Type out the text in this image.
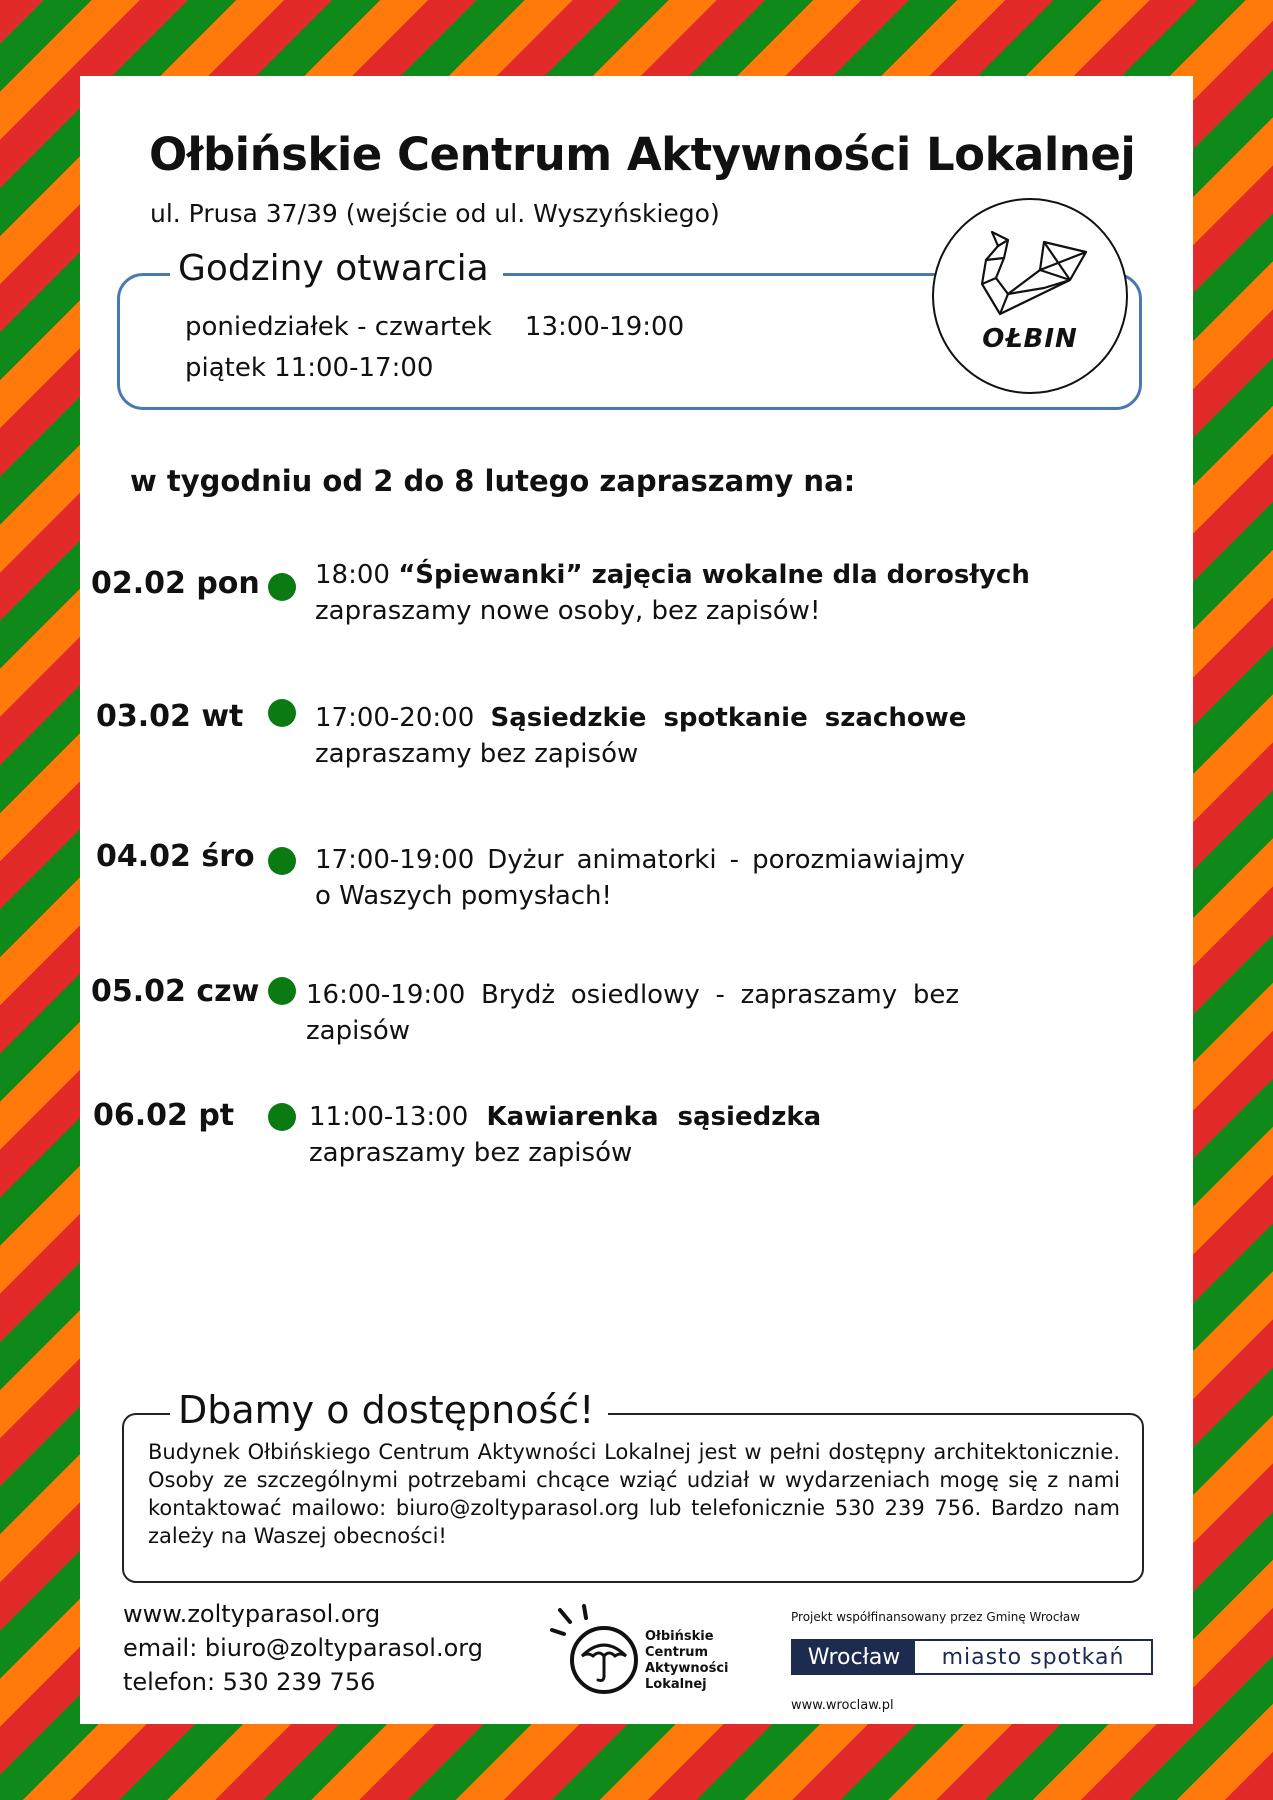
Ołbińskie Centrum Aktywności Lokalnej
ul. Prusa 37/39 (wejście od ul. Wyszyńskiego)
Godziny otwarcia
poniedziałek - czwartek    13:00-19:00
piątek 11:00-17:00
OŁBIN
w tygodniu od 2 do 8 lutego zapraszamy na:
02.02 pon 18:00 “Śpiewanki” zajęcia wokalne dla dorosłych
zapraszamy nowe osoby, bez zapisów!
03.02 wt	17:00-20:00 Sąsiedzkie spotkanie szachowe
zapraszamy bez zapisów
04.02 śro 17:00-19:00 Dyżur animatorki - porozmiawiajmy o Waszych pomysłach!
05.02 czw 16:00-19:00 Brydż osiedlowy - zapraszamy bez zapisów
06.02 pt	11:00-13:00 Kawiarenka sąsiedzka
zapraszamy bez zapisów
Dbamy o dostępność!
Budynek Ołbińskiego Centrum Aktywności Lokalnej jest w pełni dostępny architektonicznie. Osoby ze szczególnymi potrzebami chcące wziąć udział w wydarzeniach mogę się z nami kontaktować mailowo: biuro@zoltyparasol.org lub telefonicznie 530 239 756. Bardzo nam zależy na Waszej obecności!
www.zoltyparasol.org
email: biuro@zoltyparasol.org
telefon: 530 239 756
Ołbińskie
Centrum
Aktywności
Lokalnej
Projekt współfinansowany przez Gminę Wrocław
Wrocław	miasto spotkań
www.wroclaw.pl
